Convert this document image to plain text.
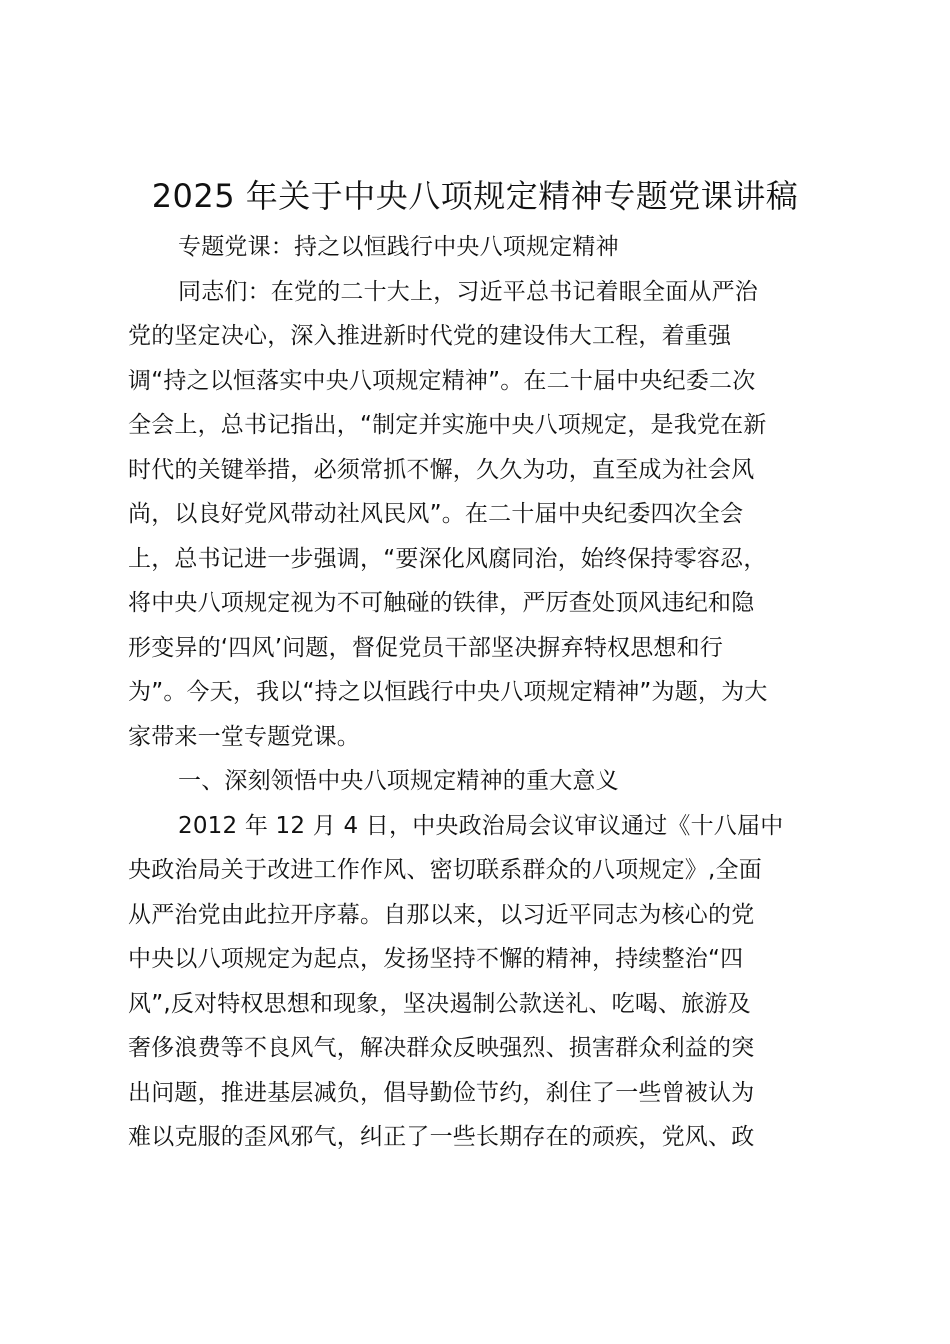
2025 年关于中央八项规定精神专题党课讲稿
专题党课：持之以恒践行中央八项规定精神
同志们：在党的二十大上，习近平总书记着眼全面从严治
党的坚定决心，深入推进新时代党的建设伟大工程，着重强
调“持之以恒落实中央八项规定精神”。在二十届中央纪委二次
全会上，总书记指出，“制定并实施中央八项规定，是我党在新
时代的关键举措，必须常抓不懈，久久为功，直至成为社会风
尚，以良好党风带动社风民风”。在二十届中央纪委四次全会
上，总书记进一步强调，“要深化风腐同治，始终保持零容忍，
将中央八项规定视为不可触碰的铁律，严厉查处顶风违纪和隐
形变异的‘四风’问题，督促党员干部坚决摒弃特权思想和行
为”。今天，我以“持之以恒践行中央八项规定精神”为题，为大
家带来一堂专题党课。
一、深刻领悟中央八项规定精神的重大意义
2012 年 12 月 4 日，中央政治局会议审议通过《十八届中
央政治局关于改进工作作风、密切联系群众的八项规定》,全面
从严治党由此拉开序幕。自那以来，以习近平同志为核心的党
中央以八项规定为起点，发扬坚持不懈的精神，持续整治“四
风”,反对特权思想和现象，坚决遏制公款送礼、吃喝、旅游及
奢侈浪费等不良风气，解决群众反映强烈、损害群众利益的突
出问题，推进基层减负，倡导勤俭节约，刹住了一些曾被认为
难以克服的歪风邪气，纠正了一些长期存在的顽疾，党风、政
